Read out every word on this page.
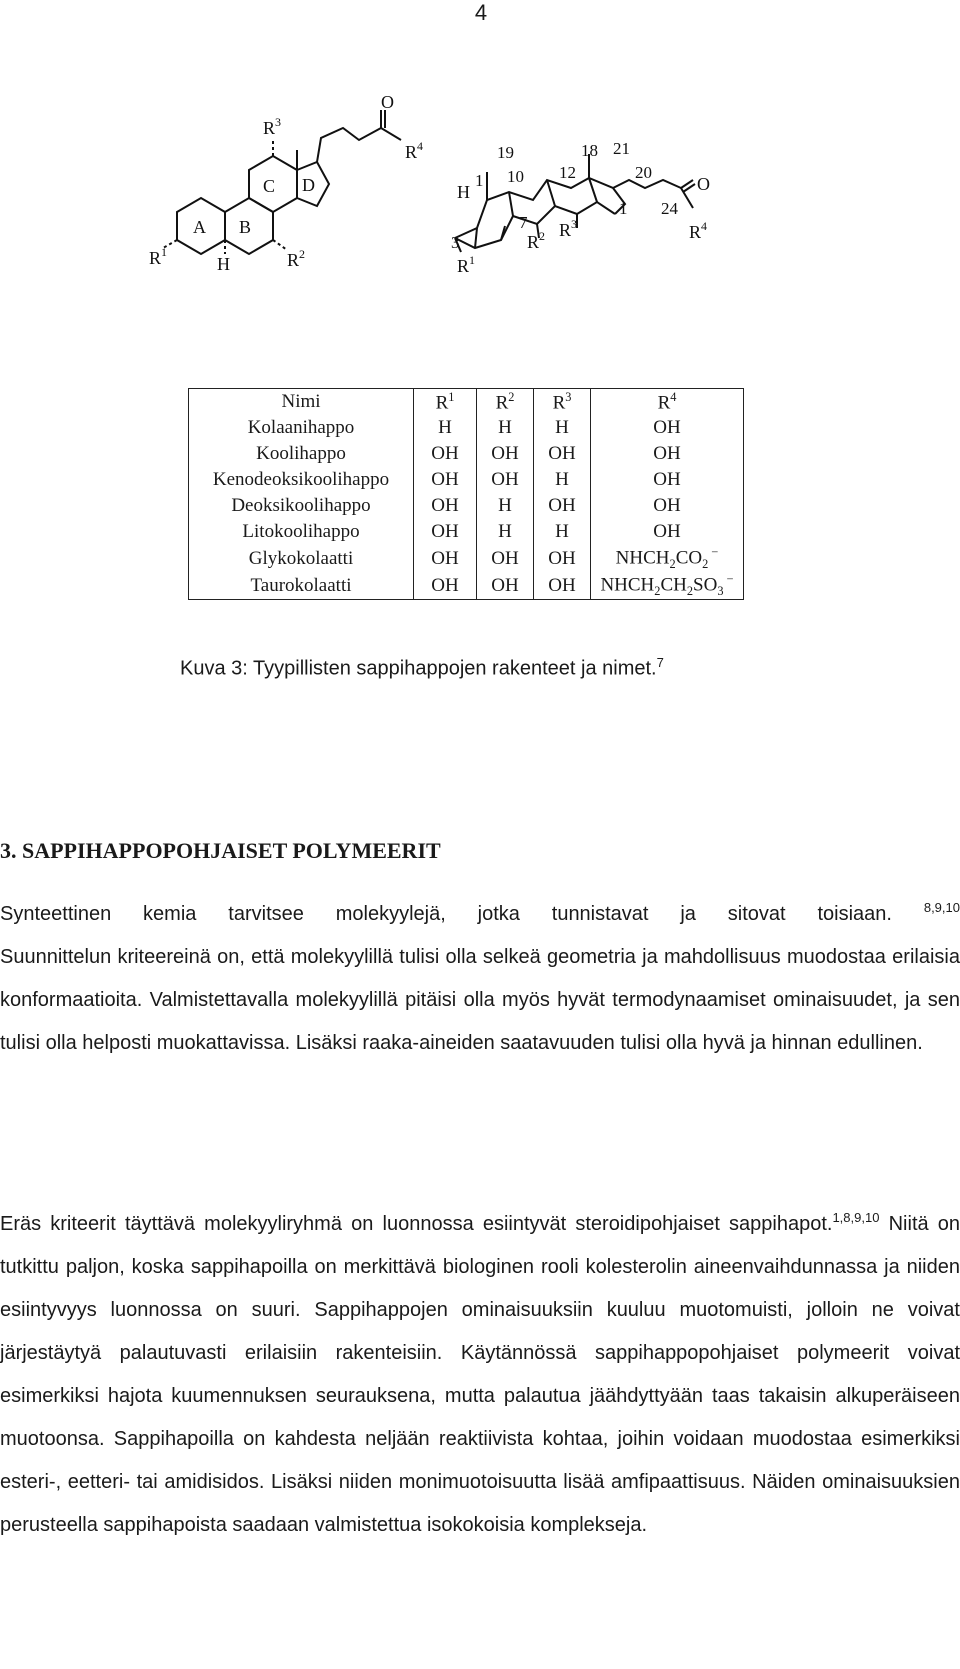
4
O
$R^4$
$R^3$
C D
A B
$R^1$
H	$R^2$
19	18 21
20
1 10 12
H	O
24
1
7
3
$R^4$
$R^3$
$R^2$
$R^1$
Nimi	$R^1$	$R^2$	$R^3$	$R^4$
Kolaanihappo	H	H	H	OH
Koolihappo	OH	OH	OH	OH
Kenodeoksikoolihappo	OH	OH	H	OH
Deoksikoolihappo	OH	H	OH	OH
Litokoolihappo	OH	H	H	OH
Glykokolaatti	OH	OH	OH	$NHCH_2CO_2$ −
Taurokolaatti	OH	OH	OH	$NHCH_2CH_2SO_3$ −
Kuva 3: Tyypillisten sappihappojen rakenteet ja nimet.$^7$
3. SAPPIHAPPOPOHJAISET POLYMEERIT
Synteettinen kemia tarvitsee molekyylejä, jotka tunnistavat ja sitovat toisiaan. $^{8,9,10}$
Suunnittelun kriteereinä on, että molekyylillä tulisi olla selkeä geometria ja mahdollisuus muodostaa erilaisia konformaatioita. Valmistettavalla molekyylillä pitäisi olla myös hyvät termodynaamiset ominaisuudet, ja sen tulisi olla helposti muokattavissa. Lisäksi raaka-aineiden saatavuuden tulisi olla hyvä ja hinnan edullinen.
Eräs kriteerit täyttävä molekyyliryhmä on luonnossa esiintyvät steroidipohjaiset sappihapot.$^{1,8,9,10}$ Niitä on tutkittu paljon, koska sappihapoilla on merkittävä biologinen rooli kolesterolin aineenvaihdunnassa ja niiden esiintyvyys luonnossa on suuri. Sappihappojen ominaisuuksiin kuuluu muotomuisti, jolloin ne voivat järjestäytyä palautuvasti erilaisiin rakenteisiin. Käytännössä sappihappopohjaiset polymeerit voivat esimerkiksi hajota kuumennuksen seurauksena, mutta palautua jäähdyttyään taas takaisin alkuperäiseen muotoonsa. Sappihapoilla on kahdesta neljään reaktiivista kohtaa, joihin voidaan muodostaa esimerkiksi esteri-, eetteri- tai amidisidos. Lisäksi niiden monimuotoisuutta lisää amfipaattisuus. Näiden ominaisuuksien perusteella sappihapoista saadaan valmistettua isokokoisia komplekseja.
